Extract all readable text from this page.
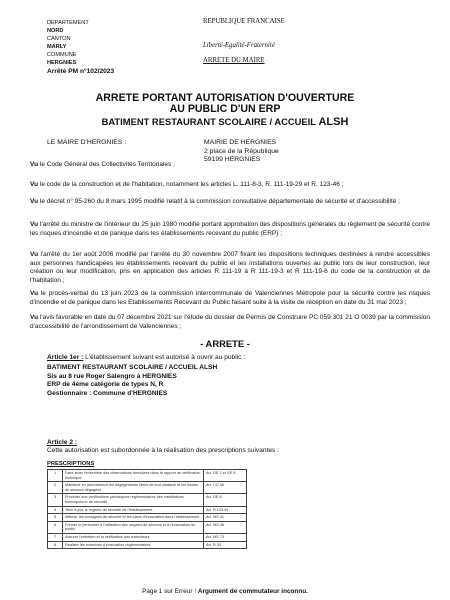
DEPARTEMENT
NORD
CANTON
MARLY
COMMUNE
HERGNIES
Arrêté PM n°102/2023
REPUBLIQUE FRANCAISE
Liberté-Egalité-Fraternité
ARRETE DU MAIRE
ARRETE PORTANT AUTORISATION D'OUVERTURE
AU PUBLIC D'UN ERP
BATIMENT RESTAURANT SCOLAIRE / ACCUEIL ALSH
LE MAIRE D'HERGNIES :	MAIRIE DE HERGNIES
2 place de la République
59199 HERGNIES
Vu le Code Général des Collectivités Territoriales ;
Vu le code de la construction et de l'habitation, notamment les articles L. 111-8-3, R. 111-19-29 et R. 123-46 ;
Vu le décret n° 95-260 du 8 mars 1995 modifié relatif à la commission consultative départementale de sécurité et d'accessibilité ;
Vu l'arrêté du ministre de l'intérieur du 25 juin 1980 modifié portant approbation des dispositions générales du règlement de sécurité contre les risques d'incendie et de panique dans les établissements recevant du public (ERP) ;
Vu l'arrêté du 1er août 2006 modifié par l'arrêté du 30 novembre 2007 fixant les dispositions techniques destinées à rendre accessibles aux personnes handicapées les établissements recevant du public et les installations ouvertes au public lors de leur construction, leur création ou leur modification, pris en application des articles R 111-19 à R 111-19-3 et R 111-19-6 du code de la construction et de l'habitation ;
Vu le procès-verbal du 13 juin 2023 de la commission intercommunale de Valenciennes Métropole pour la sécurité contre les risques d'incendie et de panique dans les Etablissements Recevant du Public faisant suite à la visite de réception en date du 31 mai 2023 ;
Vu l'avis favorable en date du 07 décembre 2021 sur l'étude du dossier de Permis de Construire PC 059 301 21 O 0039 par la commission d'accessibilité de l'arrondissement de Valenciennes ;
- ARRETE -
Article 1er : L'établissement suivant est autorisé à ouvrir au public :
BATIMENT RESTAURANT SCOLAIRE / ACCUEIL ALSH
Sis au 8 rue Roger Salengro à HERGNIES
ERP de 4ème catégorie de types N, R
Gestionnaire : Commune d'HERGNIES
Article 2 :
Cette autorisation est subordonnée à la réalisation des prescriptions suivantes :
PRESCRIPTIONS
1	Faire lever l'ensemble des observations formulées dans le rapport de vérification technique	Art. GE 2 et GE 8
2	Maintenir en permanence les dégagements libres de tout obstacle et les issues de secours dégagées	Art. CO 36
3	Procéder aux vérifications périodiques réglementaires des installations techniques et de sécurité	Art. GE 6
4	Tenir à jour le registre de sécurité de l'établissement	Art. R 123-51
5	Afficher les consignes de sécurité et les plans d'évacuation dans l'établissement	Art. MS 41
6	Former le personnel à l'utilisation des moyens de secours et à l'évacuation du public	Art. MS 46
7	Assurer l'entretien et la vérification des extincteurs	Art. MS 73
8	Réaliser les exercices d'évacuation réglementaires	Art. R 33
Page 1 sur Erreur ! Argument de commutateur inconnu.
